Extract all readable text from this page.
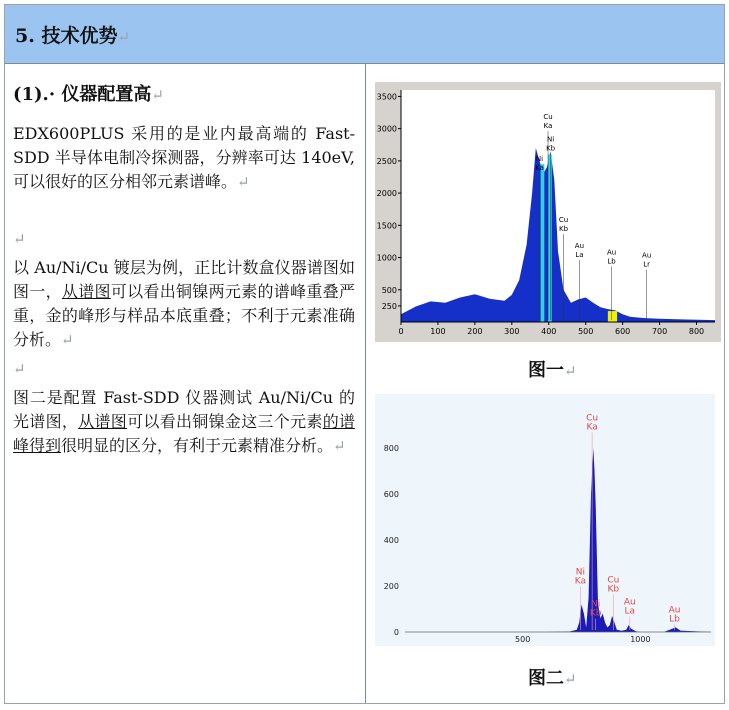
5. 技术优势↵
(1).· 仪器配置高↵
EDX600PLUS 采用的是业内最高端的 Fast-SDD 半导体电制冷探测器，分辨率可达 140eV,可以很好的区分相邻元素谱峰。↵
↵
以 Au/Ni/Cu 镀层为例，正比计数盒仪器谱图如图一，从谱图可以看出铜镍两元素的谱峰重叠严重，金的峰形与样品本底重叠；不利于元素准确分析。↵
↵
图二是配置 Fast-SDD 仪器测试 Au/Ni/Cu 的光谱图，从谱图可以看出铜镍金这三个元素的谱峰得到很明显的区分，有利于元素精准分析。↵
0	100	200	300	400	500	600	700	800
250
500
1000
1500
2000
2500
3000
3500
Ni Ka
Cu Ka
Ni Kb
Cu Kb
Au La	Au Lb
Au Lr
图一↵
500	1000
0
200
400
600
800
Cu Ka
Ni Ka
Ni Kb
Cu Kb
Au La	Au Lb
图二↵
